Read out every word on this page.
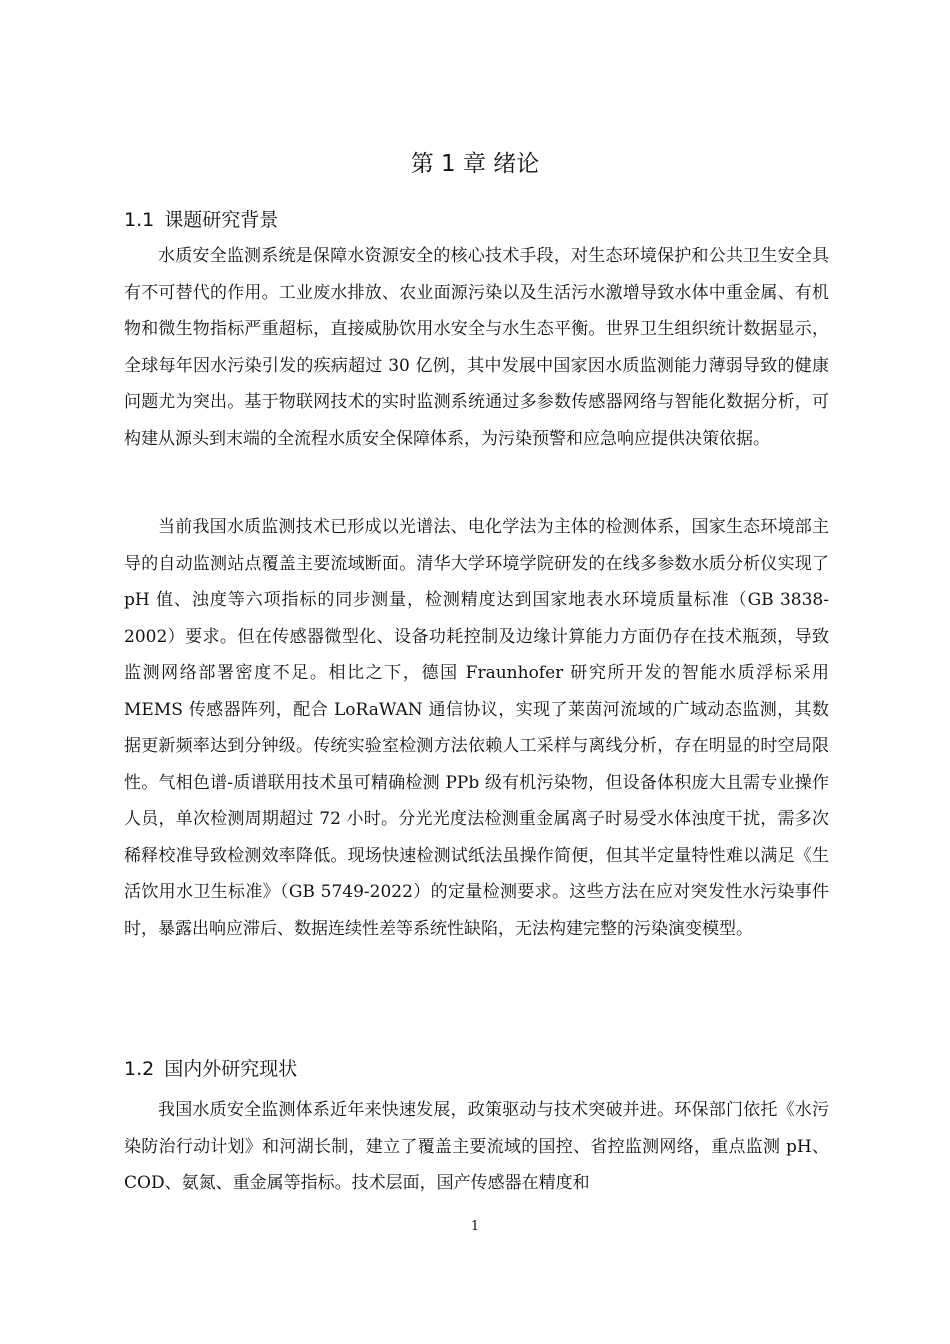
第 1 章 绪论
1.1 课题研究背景

水质安全监测系统是保障水资源安全的核心技术手段，对生态环境保护和公共卫生安全具有不可替代的作用。工业废水排放、农业面源污染以及生活污水激增导致水体中重金属、有机物和微生物指标严重超标，直接威胁饮用水安全与水生态平衡。世界卫生组织统计数据显示，全球每年因水污染引发的疾病超过 30 亿例，其中发展中国家因水质监测能力薄弱导致的健康问题尤为突出。基于物联网技术的实时监测系统通过多参数传感器网络与智能化数据分析，可构建从源头到末端的全流程水质安全保障体系，为污染预警和应急响应提供决策依据。

当前我国水质监测技术已形成以光谱法、电化学法为主体的检测体系，国家生态环境部主导的自动监测站点覆盖主要流域断面。清华大学环境学院研发的在线多参数水质分析仪实现了 pH 值、浊度等六项指标的同步测量，检测精度达到国家地表水环境质量标准（GB 3838-2002）要求。但在传感器微型化、设备功耗控制及边缘计算能力方面仍存在技术瓶颈，导致监测网络部署密度不足。相比之下，德国 Fraunhofer 研究所开发的智能水质浮标采用 MEMS 传感器阵列，配合 LoRaWAN 通信协议，实现了莱茵河流域的广域动态监测，其数据更新频率达到分钟级。传统实验室检测方法依赖人工采样与离线分析，存在明显的时空局限性。气相色谱-质谱联用技术虽可精确检测 PPb 级有机污染物，但设备体积庞大且需专业操作人员，单次检测周期超过 72 小时。分光光度法检测重金属离子时易受水体浊度干扰，需多次稀释校准导致检测效率降低。现场快速检测试纸法虽操作简便，但其半定量特性难以满足《生活饮用水卫生标准》（GB 5749-2022）的定量检测要求。这些方法在应对突发性水污染事件时，暴露出响应滞后、数据连续性差等系统性缺陷，无法构建完整的污染演变模型。

1.2 国内外研究现状

我国水质安全监测体系近年来快速发展，政策驱动与技术突破并进。环保部门依托《水污染防治行动计划》和河湖长制，建立了覆盖主要流域的国控、省控监测网络，重点监测 pH、COD、氨氮、重金属等指标。技术层面，国产传感器在精度和

1
